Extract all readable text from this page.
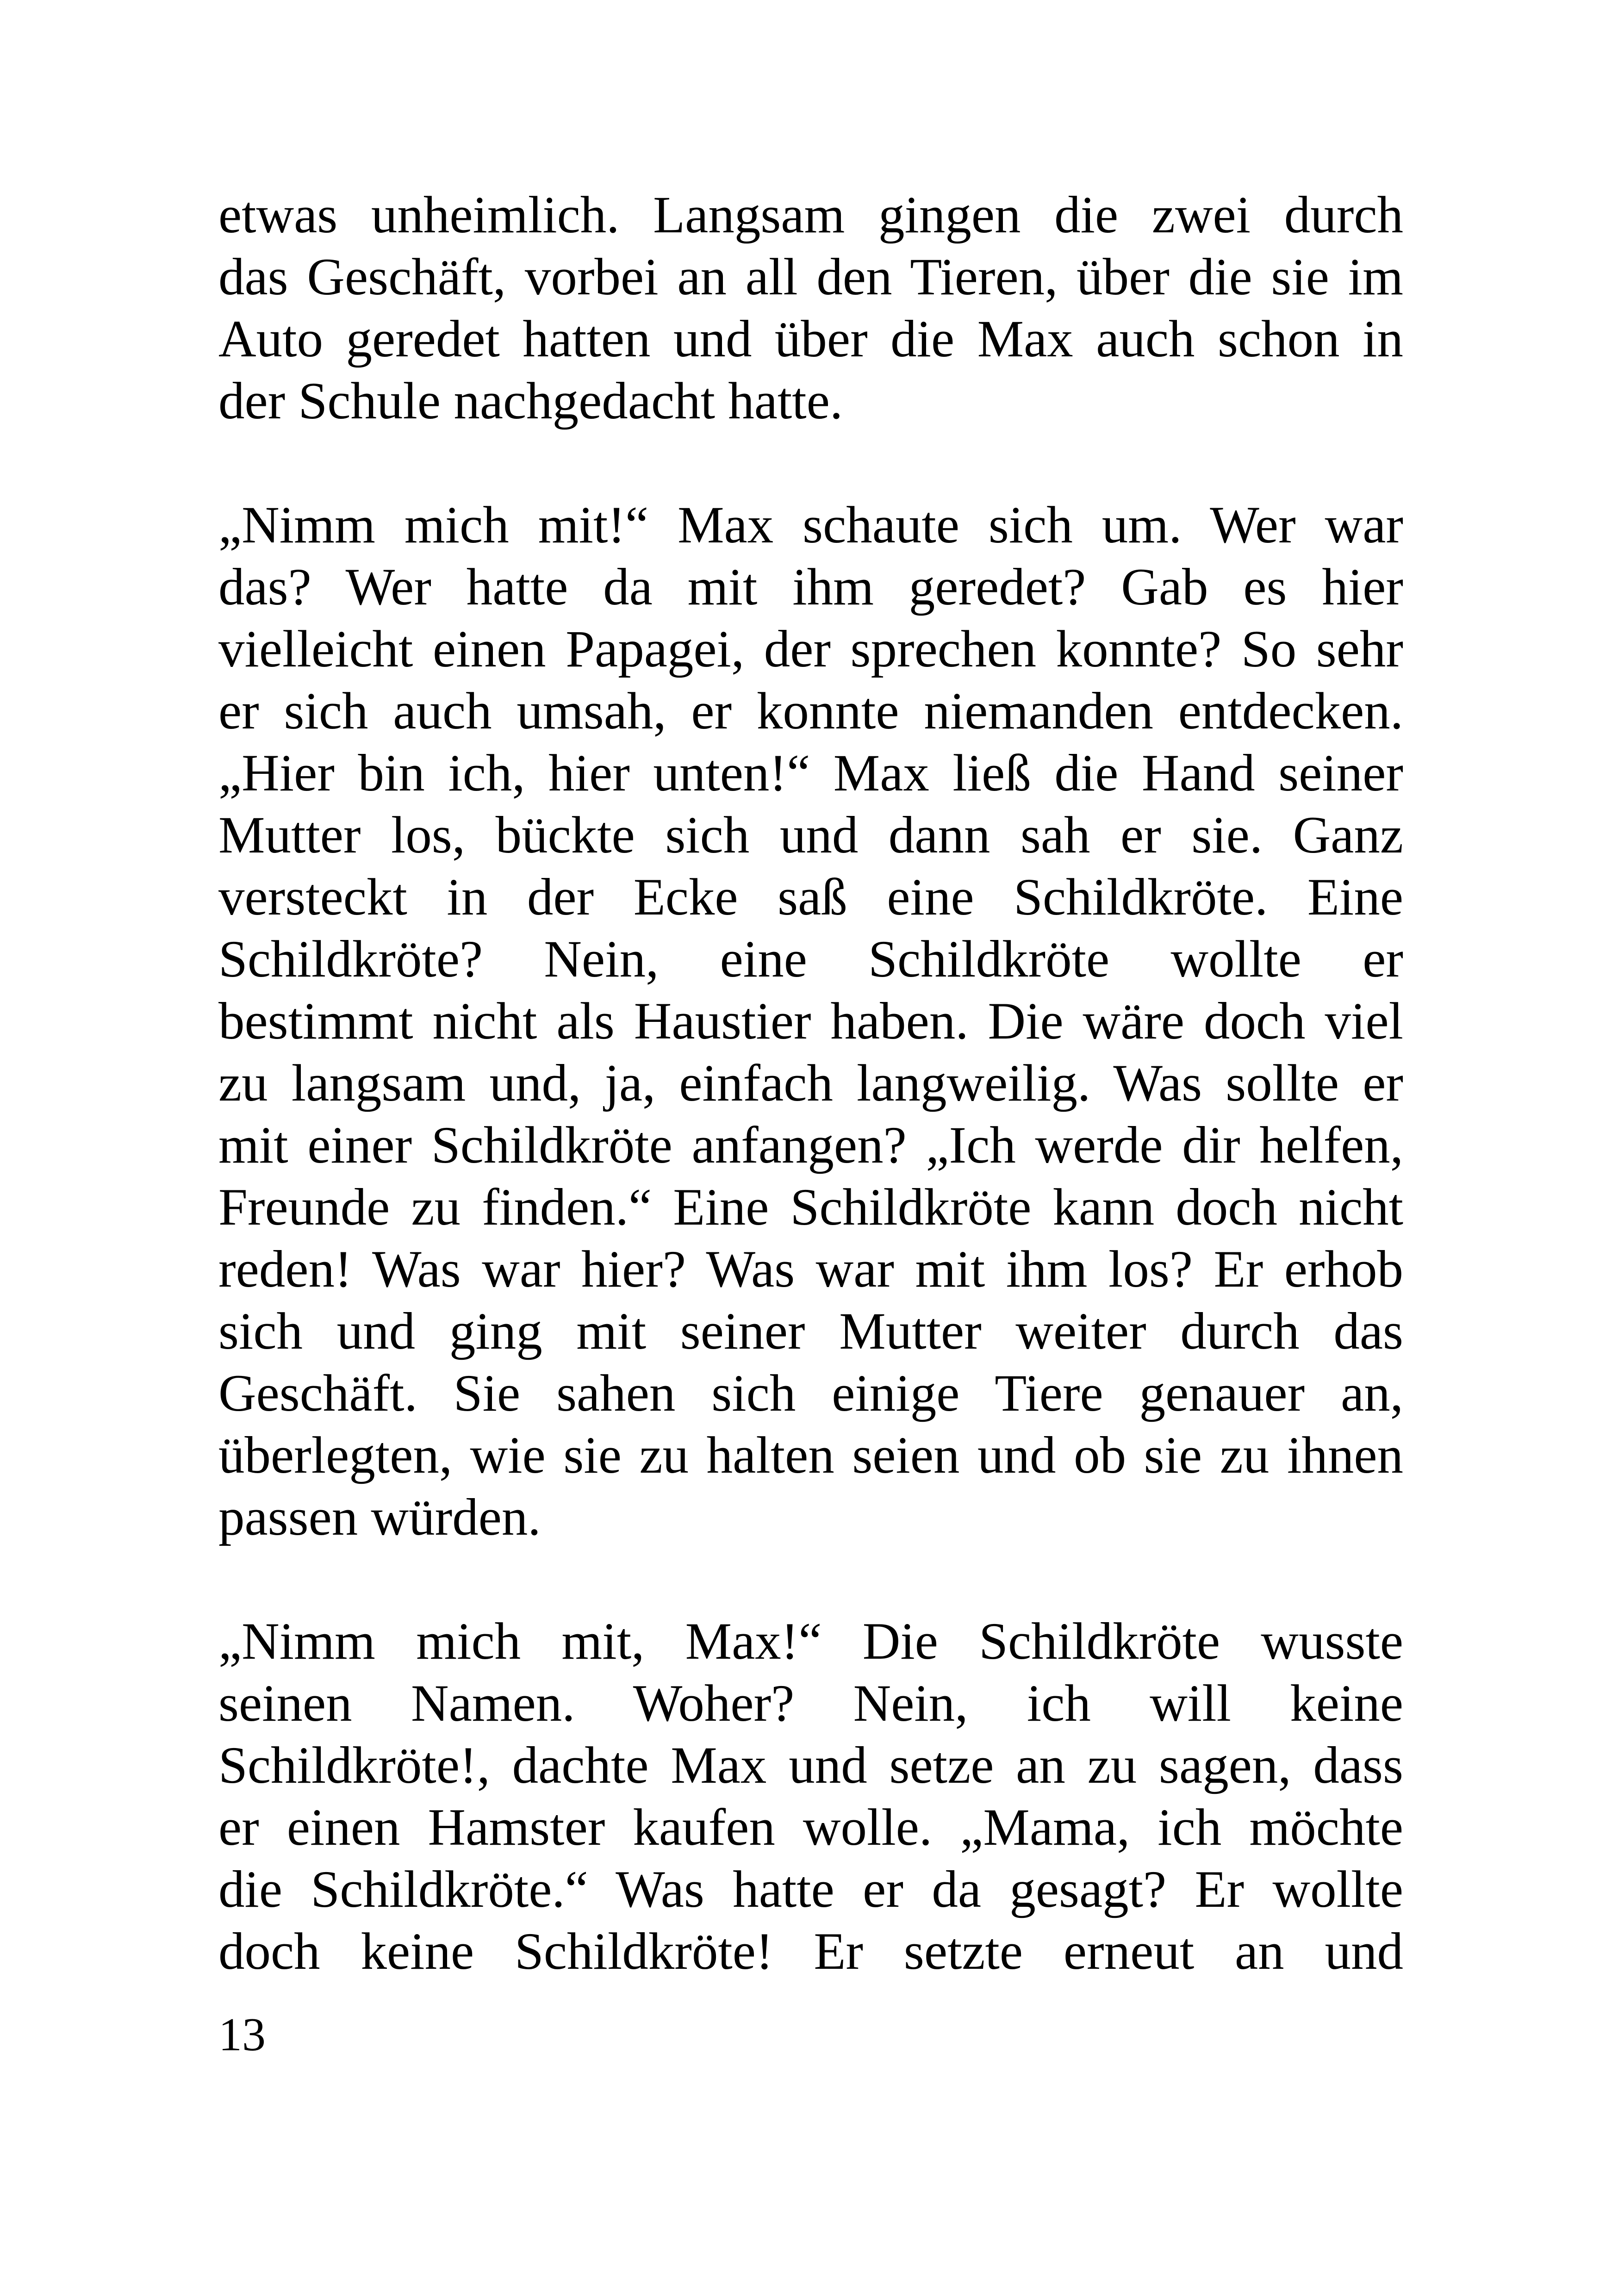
etwas unheimlich. Langsam gingen die zwei durch
das Geschäft, vorbei an all den Tieren, über die sie im
Auto geredet hatten und über die Max auch schon in
der Schule nachgedacht hatte.
„Nimm mich mit!“ Max schaute sich um. Wer war
das? Wer hatte da mit ihm geredet? Gab es hier
vielleicht einen Papagei, der sprechen konnte? So sehr
er sich auch umsah, er konnte niemanden entdecken.
„Hier bin ich, hier unten!“ Max ließ die Hand seiner
Mutter los, bückte sich und dann sah er sie. Ganz
versteckt in der Ecke saß eine Schildkröte. Eine
Schildkröte? Nein, eine Schildkröte wollte er
bestimmt nicht als Haustier haben. Die wäre doch viel
zu langsam und, ja, einfach langweilig. Was sollte er
mit einer Schildkröte anfangen? „Ich werde dir helfen,
Freunde zu finden.“ Eine Schildkröte kann doch nicht
reden! Was war hier? Was war mit ihm los? Er erhob
sich und ging mit seiner Mutter weiter durch das
Geschäft. Sie sahen sich einige Tiere genauer an,
überlegten, wie sie zu halten seien und ob sie zu ihnen
passen würden.
„Nimm mich mit, Max!“ Die Schildkröte wusste
seinen Namen. Woher? Nein, ich will keine
Schildkröte!, dachte Max und setze an zu sagen, dass
er einen Hamster kaufen wolle. „Mama, ich möchte
die Schildkröte.“ Was hatte er da gesagt? Er wollte
doch keine Schildkröte! Er setzte erneut an und
13
